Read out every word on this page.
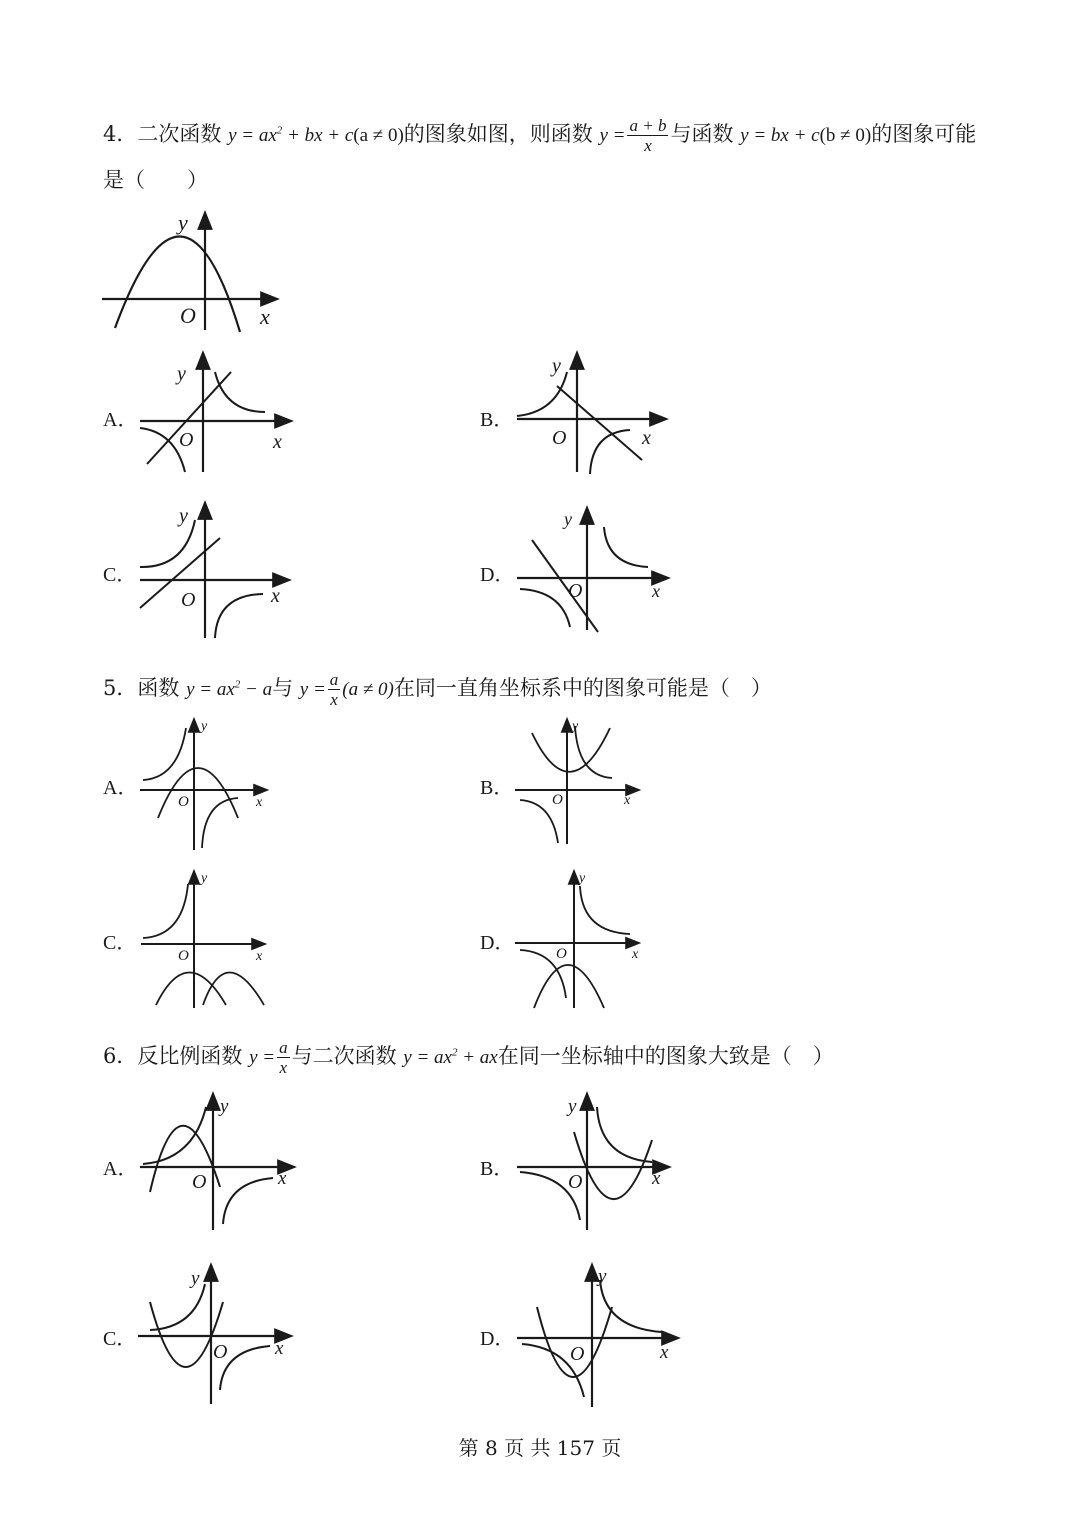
4．二次函数 $y = ax^2$ + bx + c(a ≠ 0)的图象如图，则函数 $y = \frac{a + b}{x}$ 与函数 y = bx + c(b ≠ 0)的图象可能
是（　　）
y
O	x
A．
y
O	x
B．
y
O	x
C．
y
O	x
D．
y
O	x
5．函数 $y = ax^2 - a$与 $y = \frac{a}{x} (a \ne 0)$在同一直角坐标系中的图象可能是（　）
A．
y
O	x
B．
y
O	x
C．
y
O	x
D．
y
O	x
6．反比例函数 $y = \frac{a}{x}$ 与二次函数 $y = ax^2$ + ax在同一坐标轴中的图象大致是（　）
A．
y
O	x	B．
y
O	x
C．
y
O	x	D．
y
O	x
第 8 页 共 157 页
